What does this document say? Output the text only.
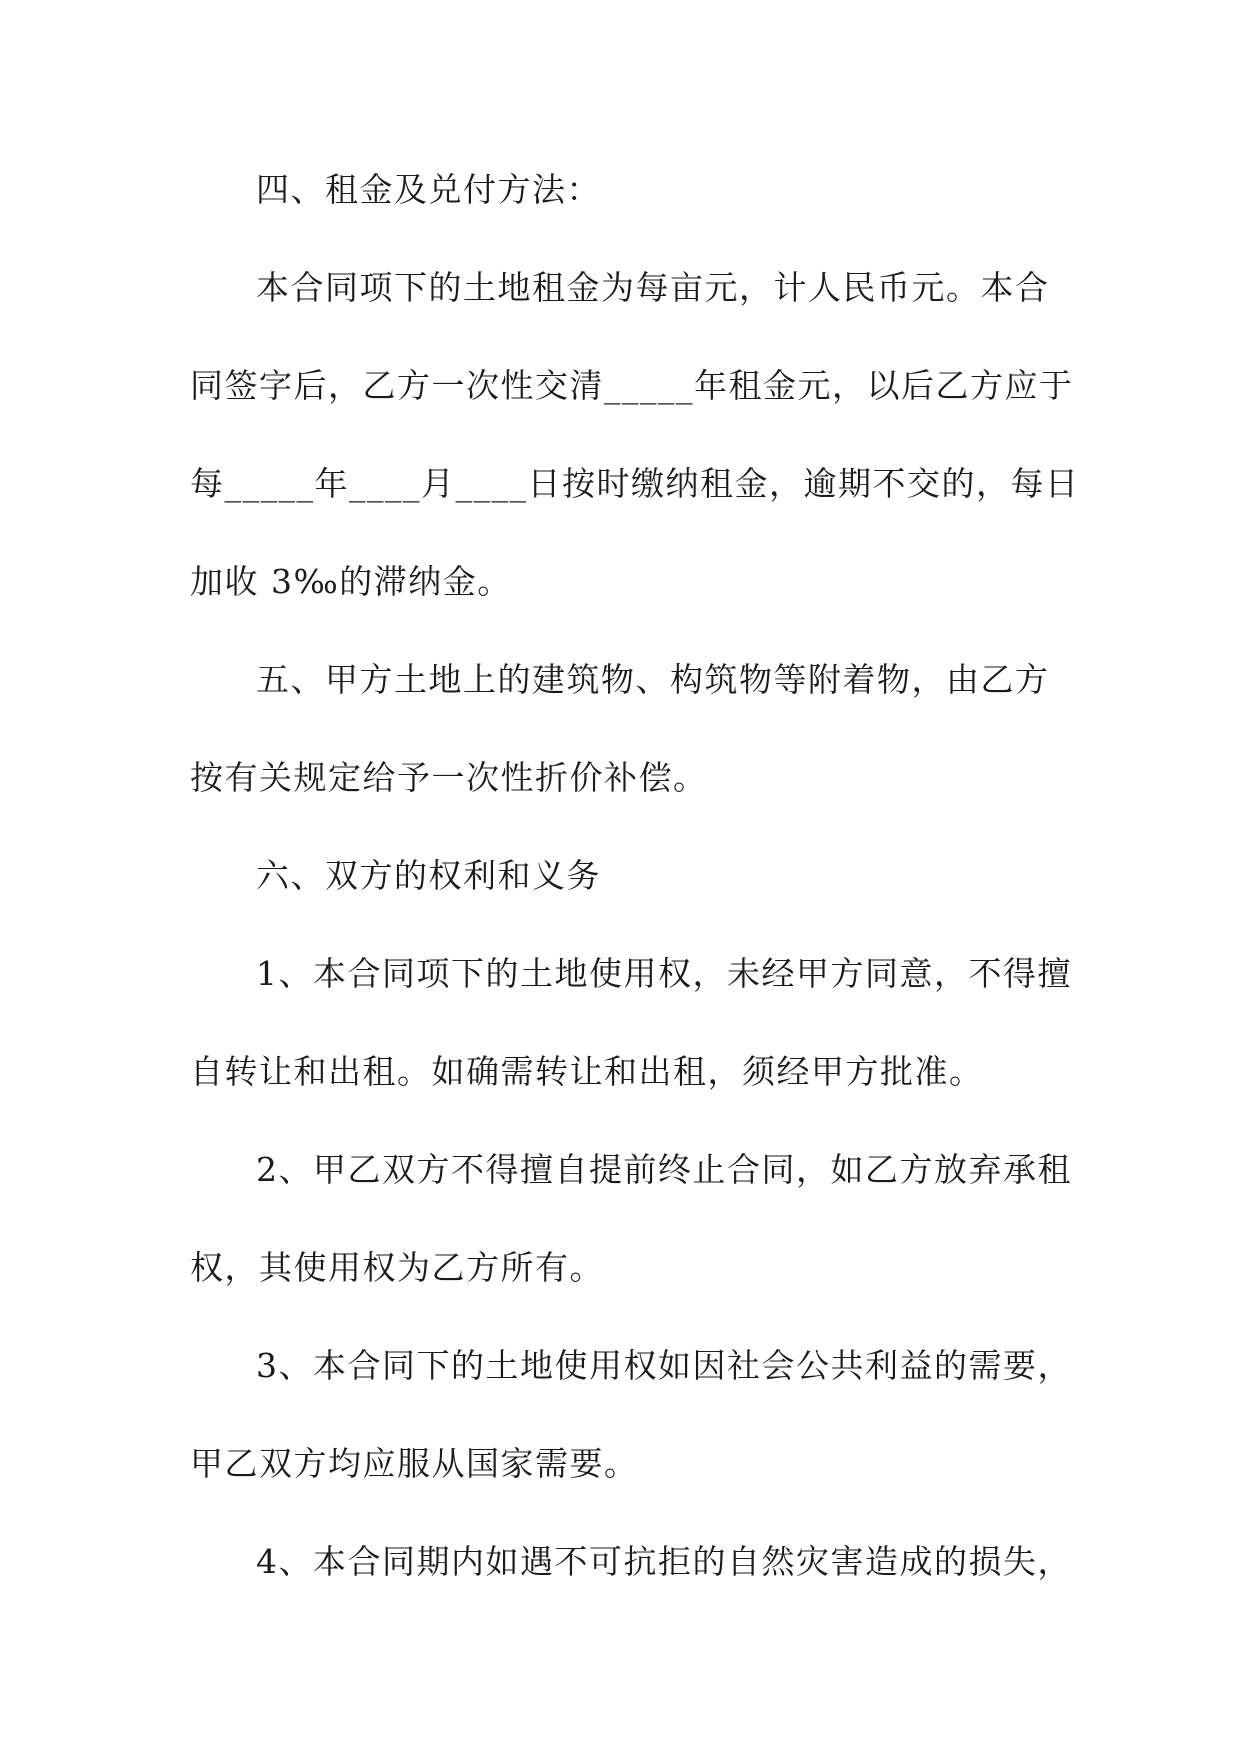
四、租金及兑付方法：
本合同项下的土地租金为每亩元，计人民币元。本合
同签字后，乙方一次性交清_____年租金元，以后乙方应于
每_____年____月____日按时缴纳租金，逾期不交的，每日
加收 3‰的滞纳金。
五、甲方土地上的建筑物、构筑物等附着物，由乙方
按有关规定给予一次性折价补偿。
六、双方的权利和义务
1、本合同项下的土地使用权，未经甲方同意，不得擅
自转让和出租。如确需转让和出租，须经甲方批准。
2、甲乙双方不得擅自提前终止合同，如乙方放弃承租
权，其使用权为乙方所有。
3、本合同下的土地使用权如因社会公共利益的需要，
甲乙双方均应服从国家需要。
4、本合同期内如遇不可抗拒的自然灾害造成的损失，
